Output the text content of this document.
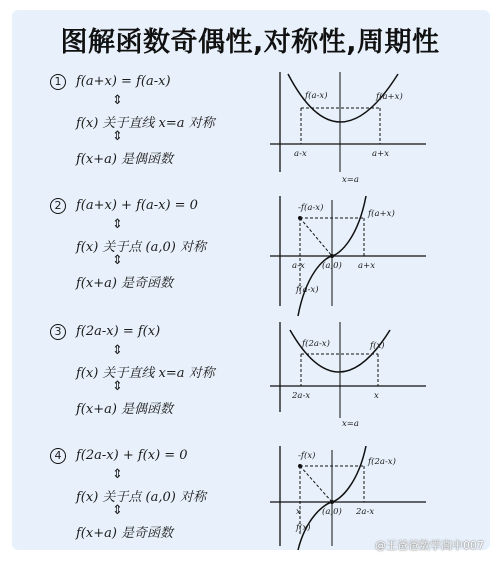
图解函数奇偶性,对称性,周期性
1	f(a+x) = f(a-x)
⇕
f(x) 关于直线 x=a 对称
⇕
f(x+a) 是偶函数
f(a-x)	f(a+x)
a-x	a+x
x=a
2	f(a+x) + f(a-x) = 0
⇕
f(x) 关于点 (a,0) 对称
⇕
f(x+a) 是奇函数
-f(a-x)
f(a+x)
a-x (a,0) a+x
f(a-x)
3	f(2a-x) = f(x)
⇕
f(x) 关于直线 x=a 对称
⇕
f(x+a) 是偶函数
f(2a-x)	f(x)
2a-x	x
x=a
4	f(2a-x) + f(x) = 0
⇕
f(x) 关于点 (a,0) 对称
⇕
f(x+a) 是奇函数
-f(x)
f(2a-x)
x (a,0) 2a-x
f(x)
@王爸爸数学高中007
